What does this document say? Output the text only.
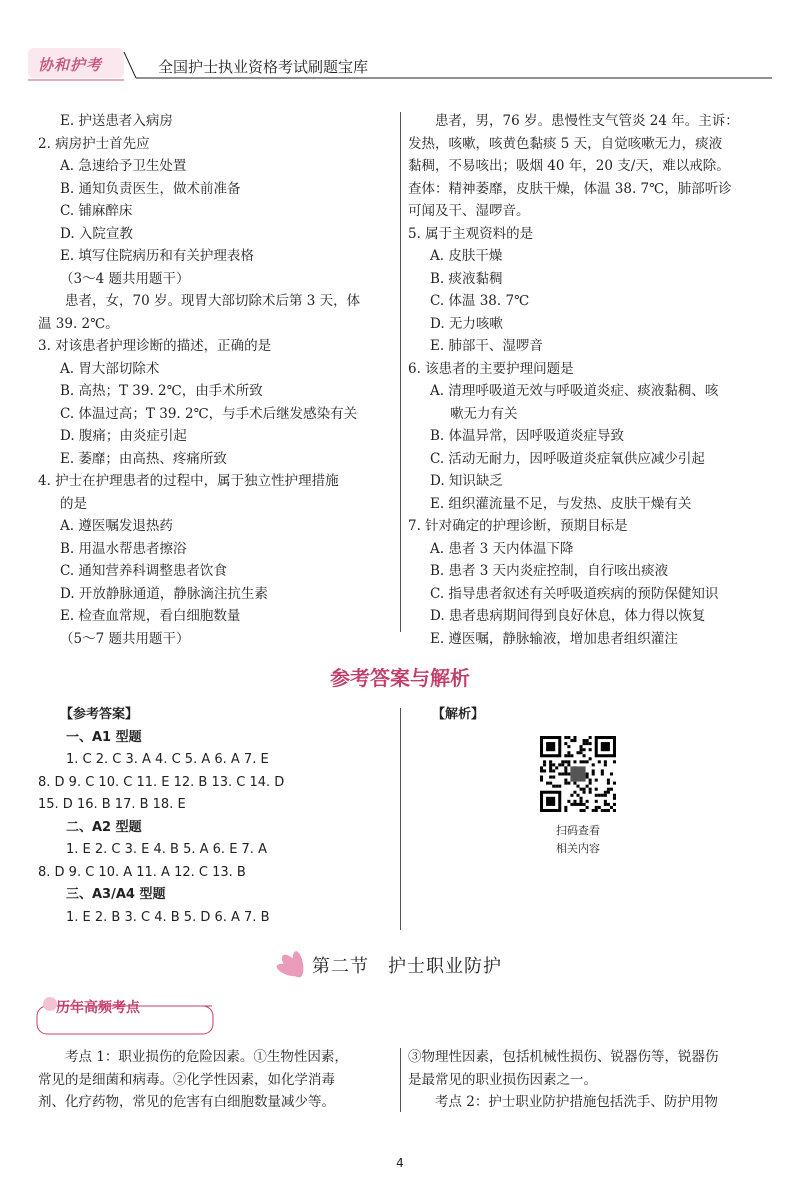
协和护考	全国护士执业资格考试刷题宝库
E. 护送患者入病房
2. 病房护士首先应
A. 急速给予卫生处置
B. 通知负责医生，做术前准备
C. 铺麻醉床
D. 入院宣教
E. 填写住院病历和有关护理表格
（3～4 题共用题干）
患者，女，70 岁。现胃大部切除术后第 3 天，体
温 39. 2℃。
3. 对该患者护理诊断的描述，正确的是
A. 胃大部切除术
B. 高热；T 39. 2℃，由手术所致
C. 体温过高；T 39. 2℃，与手术后继发感染有关
D. 腹痛；由炎症引起
E. 萎靡；由高热、疼痛所致
4. 护士在护理患者的过程中，属于独立性护理措施
的是
A. 遵医嘱发退热药
B. 用温水帮患者擦浴
C. 通知营养科调整患者饮食
D. 开放静脉通道，静脉滴注抗生素
E. 检查血常规，看白细胞数量
（5～7 题共用题干）
患者，男，76 岁。患慢性支气管炎 24 年。主诉：
发热，咳嗽，咳黄色黏痰 5 天，自觉咳嗽无力，痰液
黏稠，不易咳出；吸烟 40 年，20 支/天，难以戒除。
查体：精神萎靡，皮肤干燥，体温 38. 7℃，肺部听诊
可闻及干、湿啰音。
5. 属于主观资料的是
A. 皮肤干燥
B. 痰液黏稠
C. 体温 38. 7℃
D. 无力咳嗽
E. 肺部干、湿啰音
6. 该患者的主要护理问题是
A. 清理呼吸道无效与呼吸道炎症、痰液黏稠、咳
嗽无力有关
B. 体温异常，因呼吸道炎症导致
C. 活动无耐力，因呼吸道炎症氧供应减少引起
D. 知识缺乏
E. 组织灌流量不足，与发热、皮肤干燥有关
7. 针对确定的护理诊断，预期目标是
A. 患者 3 天内体温下降
B. 患者 3 天内炎症控制，自行咳出痰液
C. 指导患者叙述有关呼吸道疾病的预防保健知识
D. 患者患病期间得到良好休息，体力得以恢复
E. 遵医嘱，静脉输液，增加患者组织灌注
参考答案与解析
【参考答案】
一、A1 型题
1. C 2. C 3. A 4. C 5. A 6. A 7. E
8. D 9. C 10. C 11. E 12. B 13. C 14. D
15. D 16. B 17. B 18. E
二、A2 型题
1. E 2. C 3. E 4. B 5. A 6. E 7. A
8. D 9. C 10. A 11. A 12. C 13. B
三、A3/A4 型题
1. E 2. B 3. C 4. B 5. D 6. A 7. B
【解析】
扫码查看
相关内容
第二节　护士职业防护
历年高频考点
考点 1：职业损伤的危险因素。①生物性因素，
常见的是细菌和病毒。②化学性因素，如化学消毒
剂、化疗药物，常见的危害有白细胞数量减少等。
③物理性因素，包括机械性损伤、锐器伤等，锐器伤
是最常见的职业损伤因素之一。
考点 2：护士职业防护措施包括洗手、防护用物
4
